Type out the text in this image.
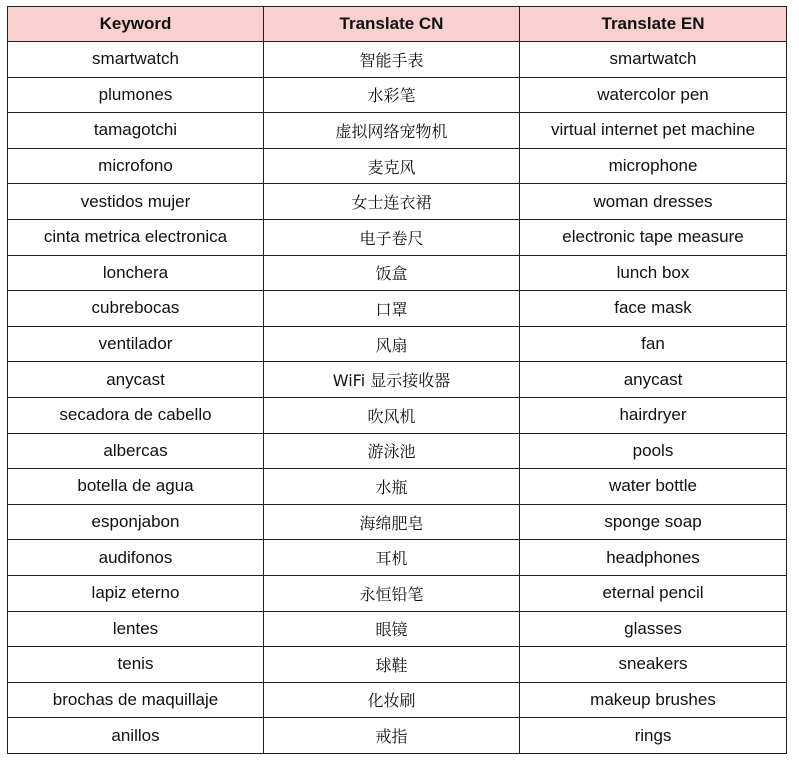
Keyword	Translate CN	Translate EN
smartwatch	智能手表	smartwatch
plumones	水彩笔	watercolor pen
tamagotchi	虚拟网络宠物机	virtual internet pet machine
microfono	麦克风	microphone
vestidos mujer	女士连衣裙	woman dresses
cinta metrica electronica	电子卷尺	electronic tape measure
lonchera	饭盒	lunch box
cubrebocas	口罩	face mask
ventilador	风扇	fan
anycast	WiFi 显示接收器	anycast
secadora de cabello	吹风机	hairdryer
albercas	游泳池	pools
botella de agua	水瓶	water bottle
esponjabon	海绵肥皂	sponge soap
audifonos	耳机	headphones
lapiz eterno	永恒铅笔	eternal pencil
lentes	眼镜	glasses
tenis	球鞋	sneakers
brochas de maquillaje	化妆刷	makeup brushes
anillos	戒指	rings
